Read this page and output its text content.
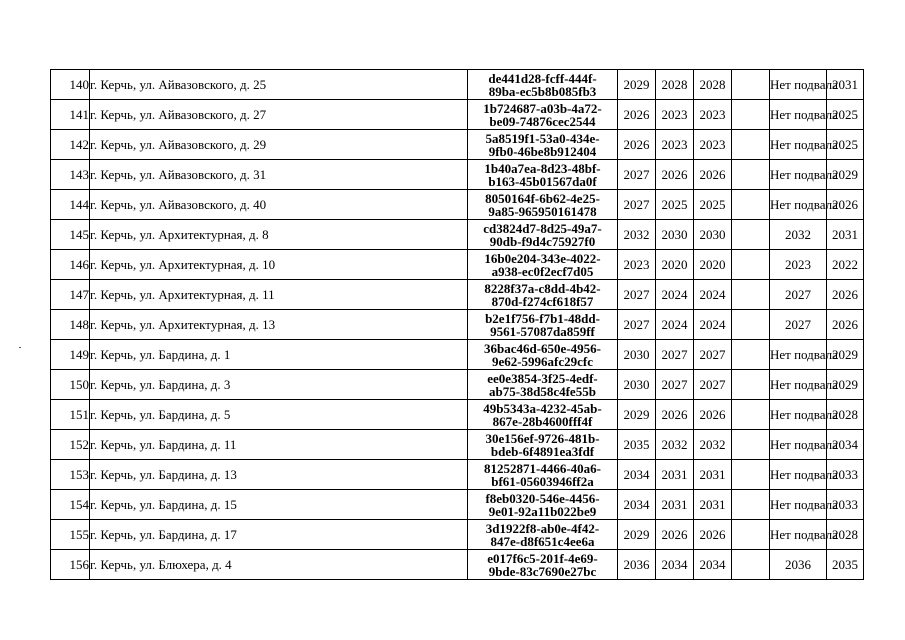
140	г. Керчь, ул. Айвазовского, д. 25	de441d28-fcff-444f-
89ba-ec5b8b085fb3	2029	2028	2028		Нет подвала	2031
141	г. Керчь, ул. Айвазовского, д. 27	1b724687-a03b-4a72-
be09-74876cec2544	2026	2023	2023		Нет подвала	2025
142	г. Керчь, ул. Айвазовского, д. 29	5a8519f1-53a0-434e-
9fb0-46be8b912404	2026	2023	2023		Нет подвала	2025
143	г. Керчь, ул. Айвазовского, д. 31	1b40a7ea-8d23-48bf-
b163-45b01567da0f	2027	2026	2026		Нет подвала	2029
144	г. Керчь, ул. Айвазовского, д. 40	8050164f-6b62-4e25-
9a85-965950161478	2027	2025	2025		Нет подвала	2026
145	г. Керчь, ул. Архитектурная, д. 8	cd3824d7-8d25-49a7-
90db-f9d4c75927f0	2032	2030	2030		2032	2031
146	г. Керчь, ул. Архитектурная, д. 10	16b0e204-343e-4022-
a938-ec0f2ecf7d05	2023	2020	2020		2023	2022
147	г. Керчь, ул. Архитектурная, д. 11	8228f37a-c8dd-4b42-
870d-f274cf618f57	2027	2024	2024		2027	2026
148	г. Керчь, ул. Архитектурная, д. 13	b2e1f756-f7b1-48dd-
9561-57087da859ff	2027	2024	2024		2027	2026
149	г. Керчь, ул. Бардина, д. 1	36bac46d-650e-4956-
9e62-5996afc29cfc	2030	2027	2027		Нет подвала	2029
150	г. Керчь, ул. Бардина, д. 3	ee0e3854-3f25-4edf-
ab75-38d58c4fe55b	2030	2027	2027		Нет подвала	2029
151	г. Керчь, ул. Бардина, д. 5	49b5343a-4232-45ab-
867e-28b4600fff4f	2029	2026	2026		Нет подвала	2028
152	г. Керчь, ул. Бардина, д. 11	30e156ef-9726-481b-
bdeb-6f4891ea3fdf	2035	2032	2032		Нет подвала	2034
153	г. Керчь, ул. Бардина, д. 13	81252871-4466-40a6-
bf61-05603946ff2a	2034	2031	2031		Нет подвала	2033
154	г. Керчь, ул. Бардина, д. 15	f8eb0320-546e-4456-
9e01-92a11b022be9	2034	2031	2031		Нет подвала	2033
155	г. Керчь, ул. Бардина, д. 17	3d1922f8-ab0e-4f42-
847e-d8f651c4ee6a	2029	2026	2026		Нет подвала	2028
156	г. Керчь, ул. Блюхера, д. 4	e017f6c5-201f-4e69-
9bde-83c7690e27bc	2036	2034	2034		2036	2035
